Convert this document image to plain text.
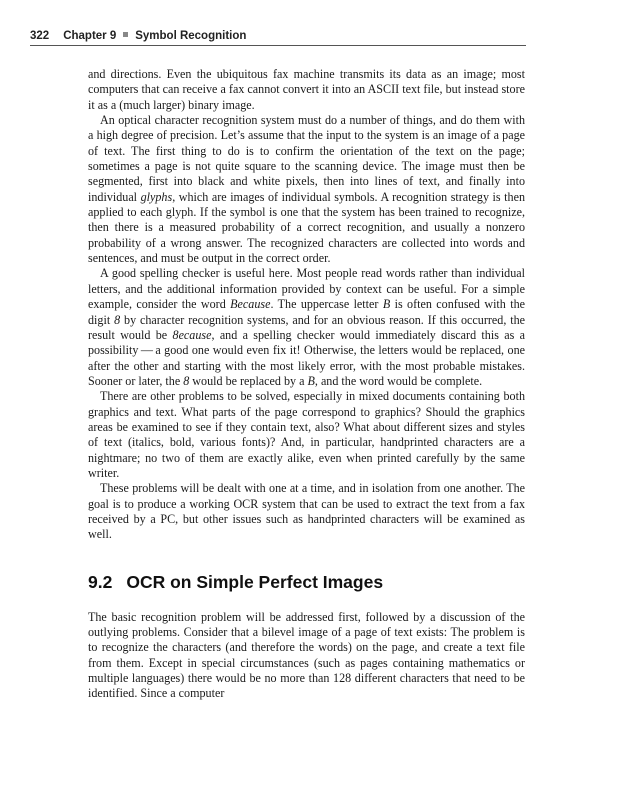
322 Chapter 9 Symbol Recognition

and directions. Even the ubiquitous fax machine transmits its data as an image; most computers that can receive a fax cannot convert it into an ASCII text file, but instead store it as a (much larger) binary image.

An optical character recognition system must do a number of things, and do them with a high degree of precision. Let’s assume that the input to the system is an image of a page of text. The first thing to do is to confirm the orientation of the text on the page; sometimes a page is not quite square to the scanning device. The image must then be segmented, first into black and white pixels, then into lines of text, and finally into individual glyphs, which are images of individual symbols. A recognition strategy is then applied to each glyph. If the symbol is one that the system has been trained to recognize, then there is a measured probability of a correct recognition, and usually a nonzero probability of a wrong answer. The recognized characters are collected into words and sentences, and must be output in the correct order.

A good spelling checker is useful here. Most people read words rather than individual letters, and the additional information provided by context can be useful. For a simple example, consider the word Because. The uppercase letter B is often confused with the digit 8 by character recognition systems, and for an obvious reason. If this occurred, the result would be 8ecause, and a spelling checker would immediately discard this as a possibility — a good one would even fix it! Otherwise, the letters would be replaced, one after the other and starting with the most likely error, with the most probable mistakes. Sooner or later, the 8 would be replaced by a B, and the word would be complete.

There are other problems to be solved, especially in mixed documents containing both graphics and text. What parts of the page correspond to graphics? Should the graphics areas be examined to see if they contain text, also? What about different sizes and styles of text (italics, bold, various fonts)? And, in particular, handprinted characters are a nightmare; no two of them are exactly alike, even when printed carefully by the same writer.

These problems will be dealt with one at a time, and in isolation from one another. The goal is to produce a working OCR system that can be used to extract the text from a fax received by a PC, but other issues such as handprinted characters will be examined as well.

9.2 OCR on Simple Perfect Images

The basic recognition problem will be addressed first, followed by a discussion of the outlying problems. Consider that a bilevel image of a page of text exists: The problem is to recognize the characters (and therefore the words) on the page, and create a text file from them. Except in special circumstances (such as pages containing mathematics or multiple languages) there would be no more than 128 different characters that need to be identified. Since a computer
